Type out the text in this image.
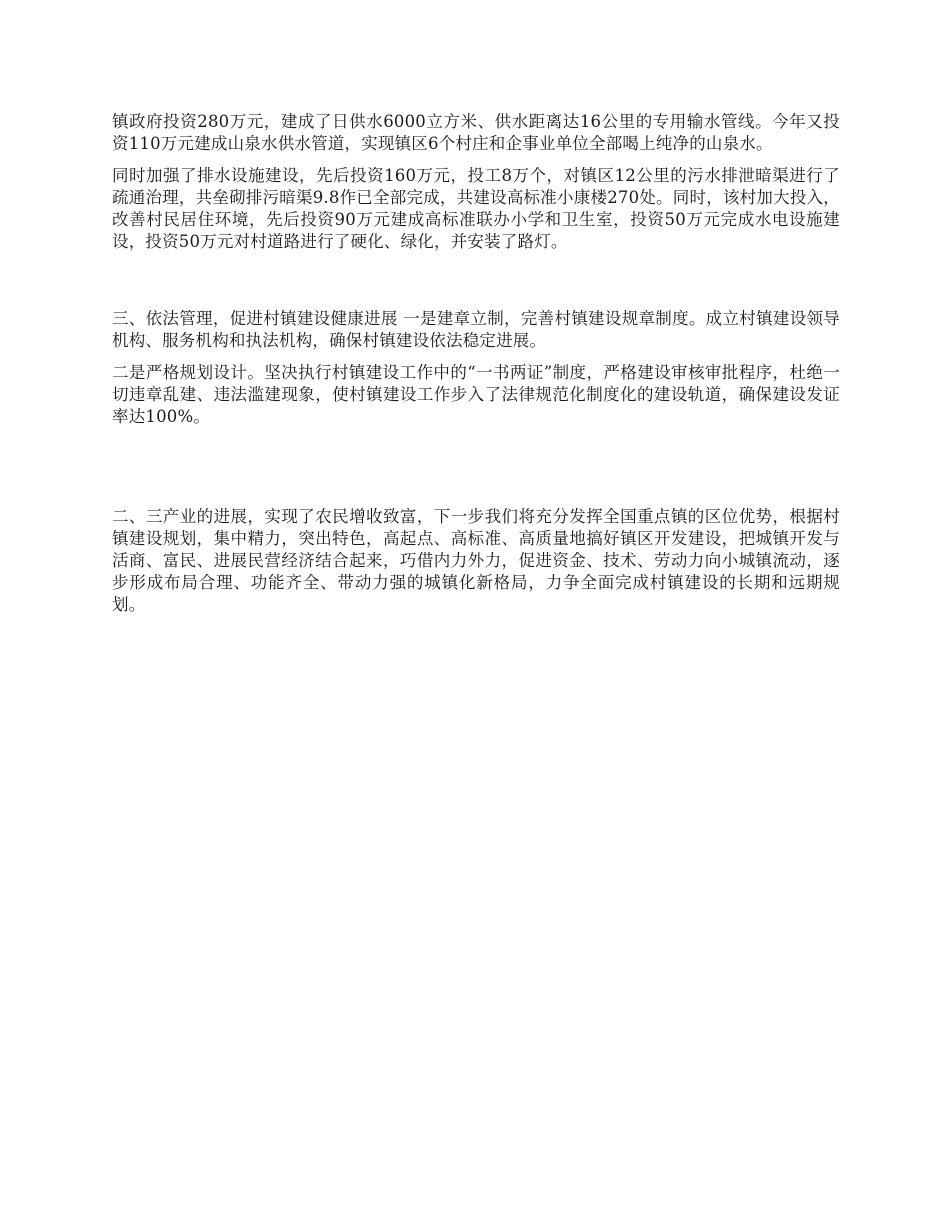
镇政府投资280万元，建成了日供水6000立方米、供水距离达16公里的专用输水管线。今年又投资110万元建成山泉水供水管道，实现镇区6个村庄和企事业单位全部喝上纯净的山泉水。

同时加强了排水设施建设，先后投资160万元，投工8万个，对镇区12公里的污水排泄暗渠进行了疏通治理，共垒砌排污暗渠9.8作已全部完成，共建设高标准小康楼270处。同时，该村加大投入，改善村民居住环境，先后投资90万元建成高标准联办小学和卫生室，投资50万元完成水电设施建设，投资50万元对村道路进行了硬化、绿化，并安装了路灯。

三、依法管理，促进村镇建设健康进展 一是建章立制，完善村镇建设规章制度。成立村镇建设领导机构、服务机构和执法机构，确保村镇建设依法稳定进展。

二是严格规划设计。坚决执行村镇建设工作中的“一书两证”制度，严格建设审核审批程序，杜绝一切违章乱建、违法滥建现象，使村镇建设工作步入了法律规范化制度化的建设轨道，确保建设发证率达100%。

二、三产业的进展，实现了农民增收致富，下一步我们将充分发挥全国重点镇的区位优势，根据村镇建设规划，集中精力，突出特色，高起点、高标准、高质量地搞好镇区开发建设，把城镇开发与活商、富民、进展民营经济结合起来，巧借内力外力，促进资金、技术、劳动力向小城镇流动，逐步形成布局合理、功能齐全、带动力强的城镇化新格局，力争全面完成村镇建设的长期和远期规划。
